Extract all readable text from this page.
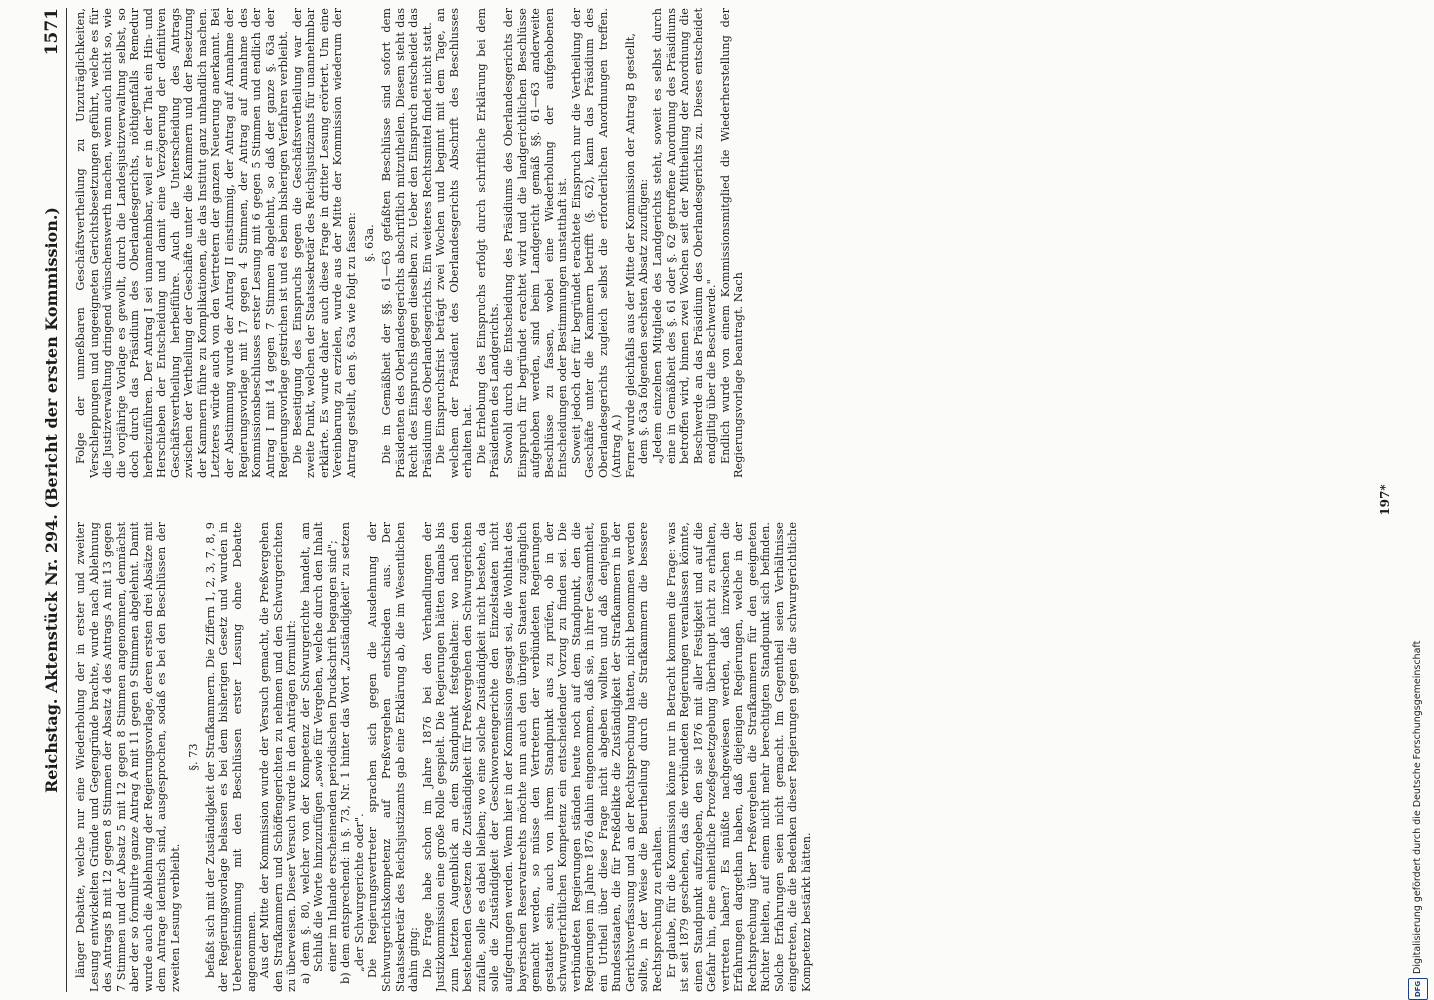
Reichstag. Aktenstück Nr. 294. (Bericht der ersten Kommission.)
1571

länger Debatte, welche nur eine Wiederholung der in erster und zweiter Lesung entwickelten Gründe und Gegengründe brachte, wurde nach Ablehnung des Antrags B mit 12 gegen 8 Stimmen der Absatz 4 des Antrags A mit 13 gegen 7 Stimmen und der Absatz 5 mit 12 gegen 8 Stimmen angenommen, demnächst aber der so formulirte ganze Antrag A mit 11 gegen 9 Stimmen abgelehnt. Damit wurde auch die Ablehnung der Regierungsvorlage, deren ersten drei Absätze mit dem Antrage identisch sind, ausgesprochen, sodaß es bei den Beschlüssen der zweiten Lesung verbleibt.

§. 73 befaßt sich mit der Zuständigkeit der Strafkammern. Die Ziffern 1, 2, 3, 7, 8, 9 der Regierungsvorlage belassen es bei dem bisherigen Gesetz und wurden in Uebereinstimmung mit den Beschlüssen erster Lesung ohne Debatte angenommen. Aus der Mitte der Kommission wurde der Versuch gemacht, die Preßvergehen den Strafkammern und Schöffengerichten zu nehmen und den Schwurgerichten zu überweisen. Dieser Versuch wurde in den Anträgen formulirt: a) dem §. 80, welcher von der Kompetenz der Schwurgerichte handelt, am Schluß die Worte hinzuzufügen „sowie für Vergehen, welche durch den Inhalt einer im Inlande erscheinenden periodischen Druckschrift begangen sind"; b) dem entsprechend: in §. 73, Nr. 1 hinter das Wort „Zuständigkeit" zu setzen „der Schwurgerichte oder". Die Regierungsvertreter sprachen sich gegen die Ausdehnung der Schwurgerichtskompetenz auf Preßvergehen entschieden aus. Der Staatssekretär des Reichsjustizamts gab eine Erklärung ab, die im Wesentlichen dahin ging: Die Frage habe schon im Jahre 1876 bei den Verhandlungen der Justizkommission eine große Rolle gespielt. Die Regierungen hätten damals bis zum letzten Augenblick an dem Standpunkt festgehalten: wo nach den bestehenden Gesetzen die Zuständigkeit für Preßvergehen den Schwurgerichten zufalle, solle es dabei bleiben; wo eine solche Zuständigkeit nicht bestehe, da solle die Zuständigkeit der Geschworenengerichte den Einzelstaaten nicht aufgedrungen werden. Wenn hier in der Kommission gesagt sei, die Wohlthat des bayerischen Reservatrechts möchte nun auch den übrigen Staaten zugänglich gemacht werden, so müsse den Vertretern der verbündeten Regierungen gestattet sein, auch von ihrem Standpunkt aus zu prüfen, ob in der schwurgerichtlichen Kompetenz ein entscheidender Vorzug zu finden sei. Die verbündeten Regierungen ständen heute noch auf dem Standpunkt, den die Regierungen im Jahre 1876 dahin eingenommen, daß sie, in ihrer Gesammtheit, ein Urtheil über diese Frage nicht abgeben wollten und daß denjenigen Bundesstaaten, die für Preßdelikte die Zuständigkeit der Strafkammern in der Gerichtsverfassung und an der Rechtsprechung hatten, nicht benommen werden sollte, in der Weise die Beurtheilung durch die Strafkammern die bessere Rechtsprechung zu erhalten. Er glaube, für die Kommission könne nur in Betracht kommen die Frage: was ist seit 1879 geschehen, das die verbündeten Regierungen veranlassen könnte, einen Standpunkt aufzugeben, den sie 1876 mit aller Festigkeit und auf die Gefahr hin, eine einheitliche Prozeßgesetzgebung überhaupt nicht zu erhalten, vertreten haben? Es müßte nachgewiesen werden, daß inzwischen die Erfahrungen dargethan haben, daß diejenigen Regierungen, welche in der Rechtsprechung über Preßvergehen die Strafkammern für den geeigneten Richter hielten, auf einem nicht mehr berechtigten Standpunkt sich befinden. Solche Erfahrungen seien nicht gemacht. Im Gegentheil seien Verhältnisse eingetreten, die die Bedenken dieser Regierungen gegen die schwurgerichtliche Kompetenz bestärkt hätten.

Folge der unmeßbaren Geschäftsvertheilung zu Unzuträglichkeiten, Verschleppungen und ungeeigneten Gerichtsbesetzungen geführt, welche es für die Justizverwaltung dringend wünschenswerth machen, wenn auch nicht so, wie die vorjährige Vorlage es gewollt, durch die Landesjustizverwaltung selbst, so doch durch das Präsidium des Oberlandesgerichts, nöthigenfalls Remedur herbeizuführen. Der Antrag I sei unannehmbar, weil er in der That ein Hin- und Herschieben der Entscheidung und damit eine Verzögerung der definitiven Geschäftsvertheilung herbeiführe. Auch die Unterscheidung des Antrags zwischen der Vertheilung der Geschäfte unter die Kammern und der Besetzung der Kammern führe zu Komplikationen, die das Institut ganz unhandlich machen. Letzteres würde auch von den Vertretern der ganzen Neuerung anerkannt. Bei der Abstimmung wurde der Antrag II einstimmig, der Antrag auf Annahme der Regierungsvorlage mit 17 gegen 4 Stimmen, der Antrag auf Annahme des Kommissionsbeschlusses erster Lesung mit 6 gegen 5 Stimmen und endlich der Antrag I mit 14 gegen 7 Stimmen abgelehnt, so daß der ganze §. 63a der Regierungsvorlage gestrichen ist und es beim bisherigen Verfahren verbleibt. Die Beseitigung des Einspruchs gegen die Geschäftsvertheilung war der zweite Punkt, welchen der Staatssekretär des Reichsjustizamts für unannehmbar erklärte. Es wurde daher auch diese Frage in dritter Lesung erörtert. Um eine Vereinbarung zu erzielen, wurde aus der Mitte der Kommission wiederum der Antrag gestellt, den §. 63a wie folgt zu fassen: §. 63a. Die in Gemäßheit der §§. 61—63 gefaßten Beschlüsse sind sofort dem Präsidenten des Oberlandesgerichts abschriftlich mitzutheilen. Diesem steht das Recht des Einspruchs gegen dieselben zu. Ueber den Einspruch entscheidet das Präsidium des Oberlandesgerichts. Ein weiteres Rechtsmittel findet nicht statt. Die Einspruchsfrist beträgt zwei Wochen und beginnt mit dem Tage, an welchem der Präsident des Oberlandesgerichts Abschrift des Beschlusses erhalten hat. Die Erhebung des Einspruchs erfolgt durch schriftliche Erklärung bei dem Präsidenten des Landgerichts. Sowohl durch die Entscheidung des Präsidiums des Oberlandesgerichts der Einspruch für begründet erachtet wird und die landgerichtlichen Beschlüsse aufgehoben werden, sind beim Landgericht gemäß §§. 61—63 anderweite Beschlüsse zu fassen, wobei eine Wiederholung der aufgehobenen Entscheidungen oder Bestimmungen unstatthaft ist. Soweit jedoch der für begründet erachtete Einspruch nur die Vertheilung der Geschäfte unter die Kammern betrifft (§. 62), kann das Präsidium des Oberlandesgerichts zugleich selbst die erforderlichen Anordnungen treffen. (Antrag A.) Ferner wurde gleichfalls aus der Mitte der Kommission der Antrag B gestellt, dem §. 63a folgenden sechsten Absatz zuzufügen: „Jedem einzelnen Mitgliede des Landgerichts steht, soweit es selbst durch eine in Gemäßheit des §. 61 oder §. 62 getroffene Anordnung des Präsidiums betroffen wird, binnen zwei Wochen seit der Mittheilung der Anordnung die Beschwerde an das Präsidium des Oberlandesgerichts zu. Dieses entscheidet endgiltig über die Beschwerde." Endlich wurde von einem Kommissionsmitglied die Wiederherstellung der Regierungsvorlage beantragt. Nach

197*
DFG
Digitalisierung gefördert durch die Deutsche Forschungsgemeinschaft
